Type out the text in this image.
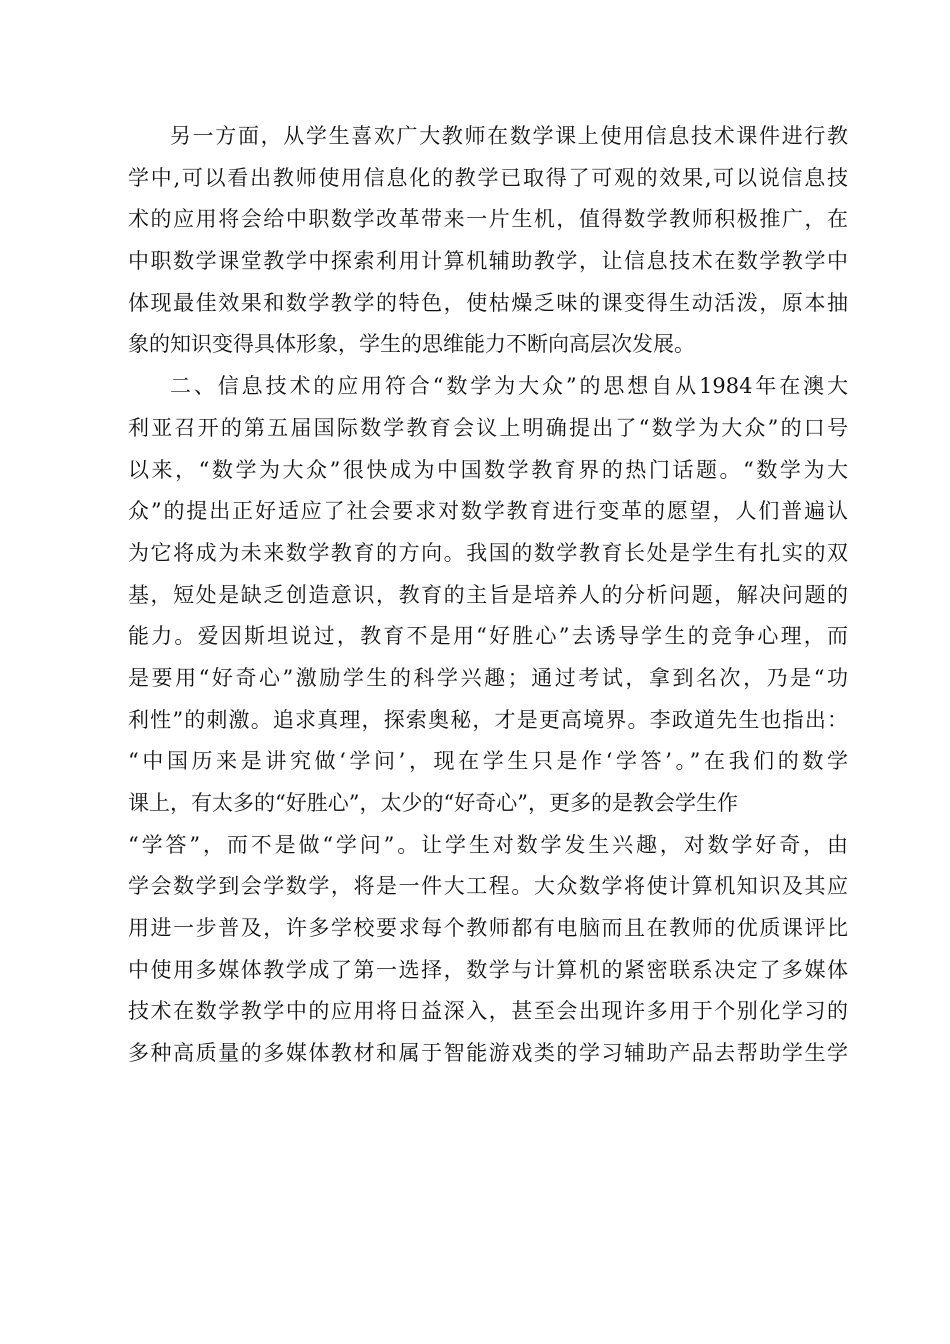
另一方面，从学生喜欢广大教师在数学课上使用信息技术课件进行教
学中,可以看出教师使用信息化的教学已取得了可观的效果,可以说信息技
术的应用将会给中职数学改革带来一片生机，值得数学教师积极推广，在
中职数学课堂教学中探索利用计算机辅助教学，让信息技术在数学教学中
体现最佳效果和数学教学的特色，使枯燥乏味的课变得生动活泼，原本抽
象的知识变得具体形象，学生的思维能力不断向高层次发展。
二、信息技术的应用符合“数学为大众”的思想自从1984年在澳大
利亚召开的第五届国际数学教育会议上明确提出了“数学为大众”的口号
以来，“数学为大众”很快成为中国数学教育界的热门话题。“数学为大
众”的提出正好适应了社会要求对数学教育进行变革的愿望，人们普遍认
为它将成为未来数学教育的方向。我国的数学教育长处是学生有扎实的双
基，短处是缺乏创造意识，教育的主旨是培养人的分析问题，解决问题的
能力。爱因斯坦说过，教育不是用“好胜心”去诱导学生的竞争心理，而
是要用“好奇心”激励学生的科学兴趣；通过考试，拿到名次，乃是“功
利性”的刺激。追求真理，探索奥秘，才是更高境界。李政道先生也指出：
“中国历来是讲究做‘学问’，现在学生只是作‘学答’。”在我们的数学
课上，有太多的“好胜心”，太少的“好奇心”，更多的是教会学生作
“学答”，而不是做“学问”。让学生对数学发生兴趣，对数学好奇，由
学会数学到会学数学，将是一件大工程。大众数学将使计算机知识及其应
用进一步普及，许多学校要求每个教师都有电脑而且在教师的优质课评比
中使用多媒体教学成了第一选择，数学与计算机的紧密联系决定了多媒体
技术在数学教学中的应用将日益深入，甚至会出现许多用于个别化学习的
多种高质量的多媒体教材和属于智能游戏类的学习辅助产品去帮助学生学
